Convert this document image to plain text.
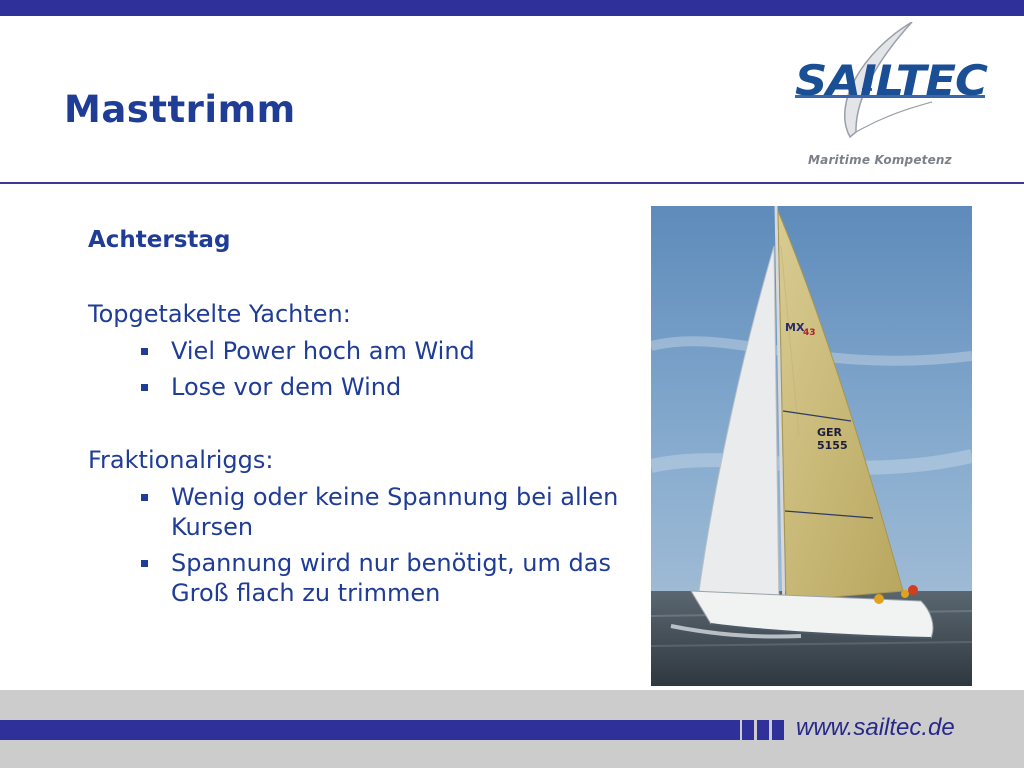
Masttrimm
SAILTEC
Maritime Kompetenz
Achterstag
Topgetakelte Yachten:
Viel Power hoch am Wind
Lose vor dem Wind
Fraktionalriggs:
Wenig oder keine Spannung bei allen Kursen
Spannung wird nur benötigt, um das Groß flach zu trimmen
MX
43
GER
5155
www.sailtec.de
